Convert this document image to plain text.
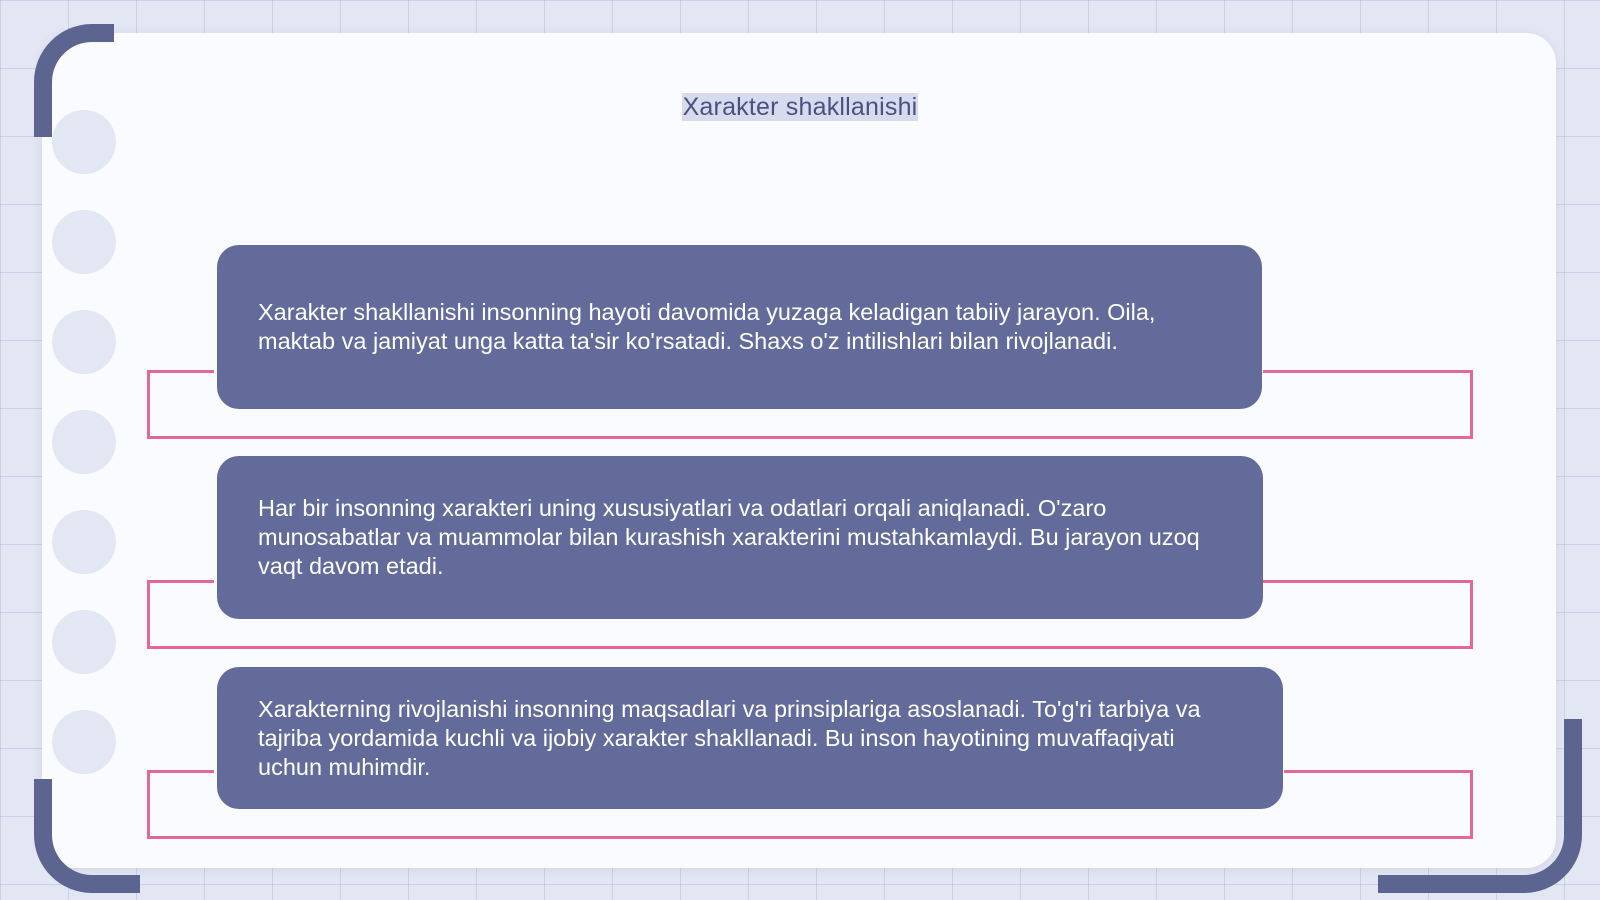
Xarakter shakllanishi

Xarakter shakllanishi insonning hayoti davomida yuzaga keladigan tabiiy jarayon. Oila, maktab va jamiyat unga katta ta'sir ko'rsatadi. Shaxs o'z intilishlari bilan rivojlanadi.

Har bir insonning xarakteri uning xususiyatlari va odatlari orqali aniqlanadi. O'zaro munosabatlar va muammolar bilan kurashish xarakterini mustahkamlaydi. Bu jarayon uzoq vaqt davom etadi.

Xarakterning rivojlanishi insonning maqsadlari va prinsiplariga asoslanadi. To'g'ri tarbiya va tajriba yordamida kuchli va ijobiy xarakter shakllanadi. Bu inson hayotining muvaffaqiyati uchun muhimdir.
